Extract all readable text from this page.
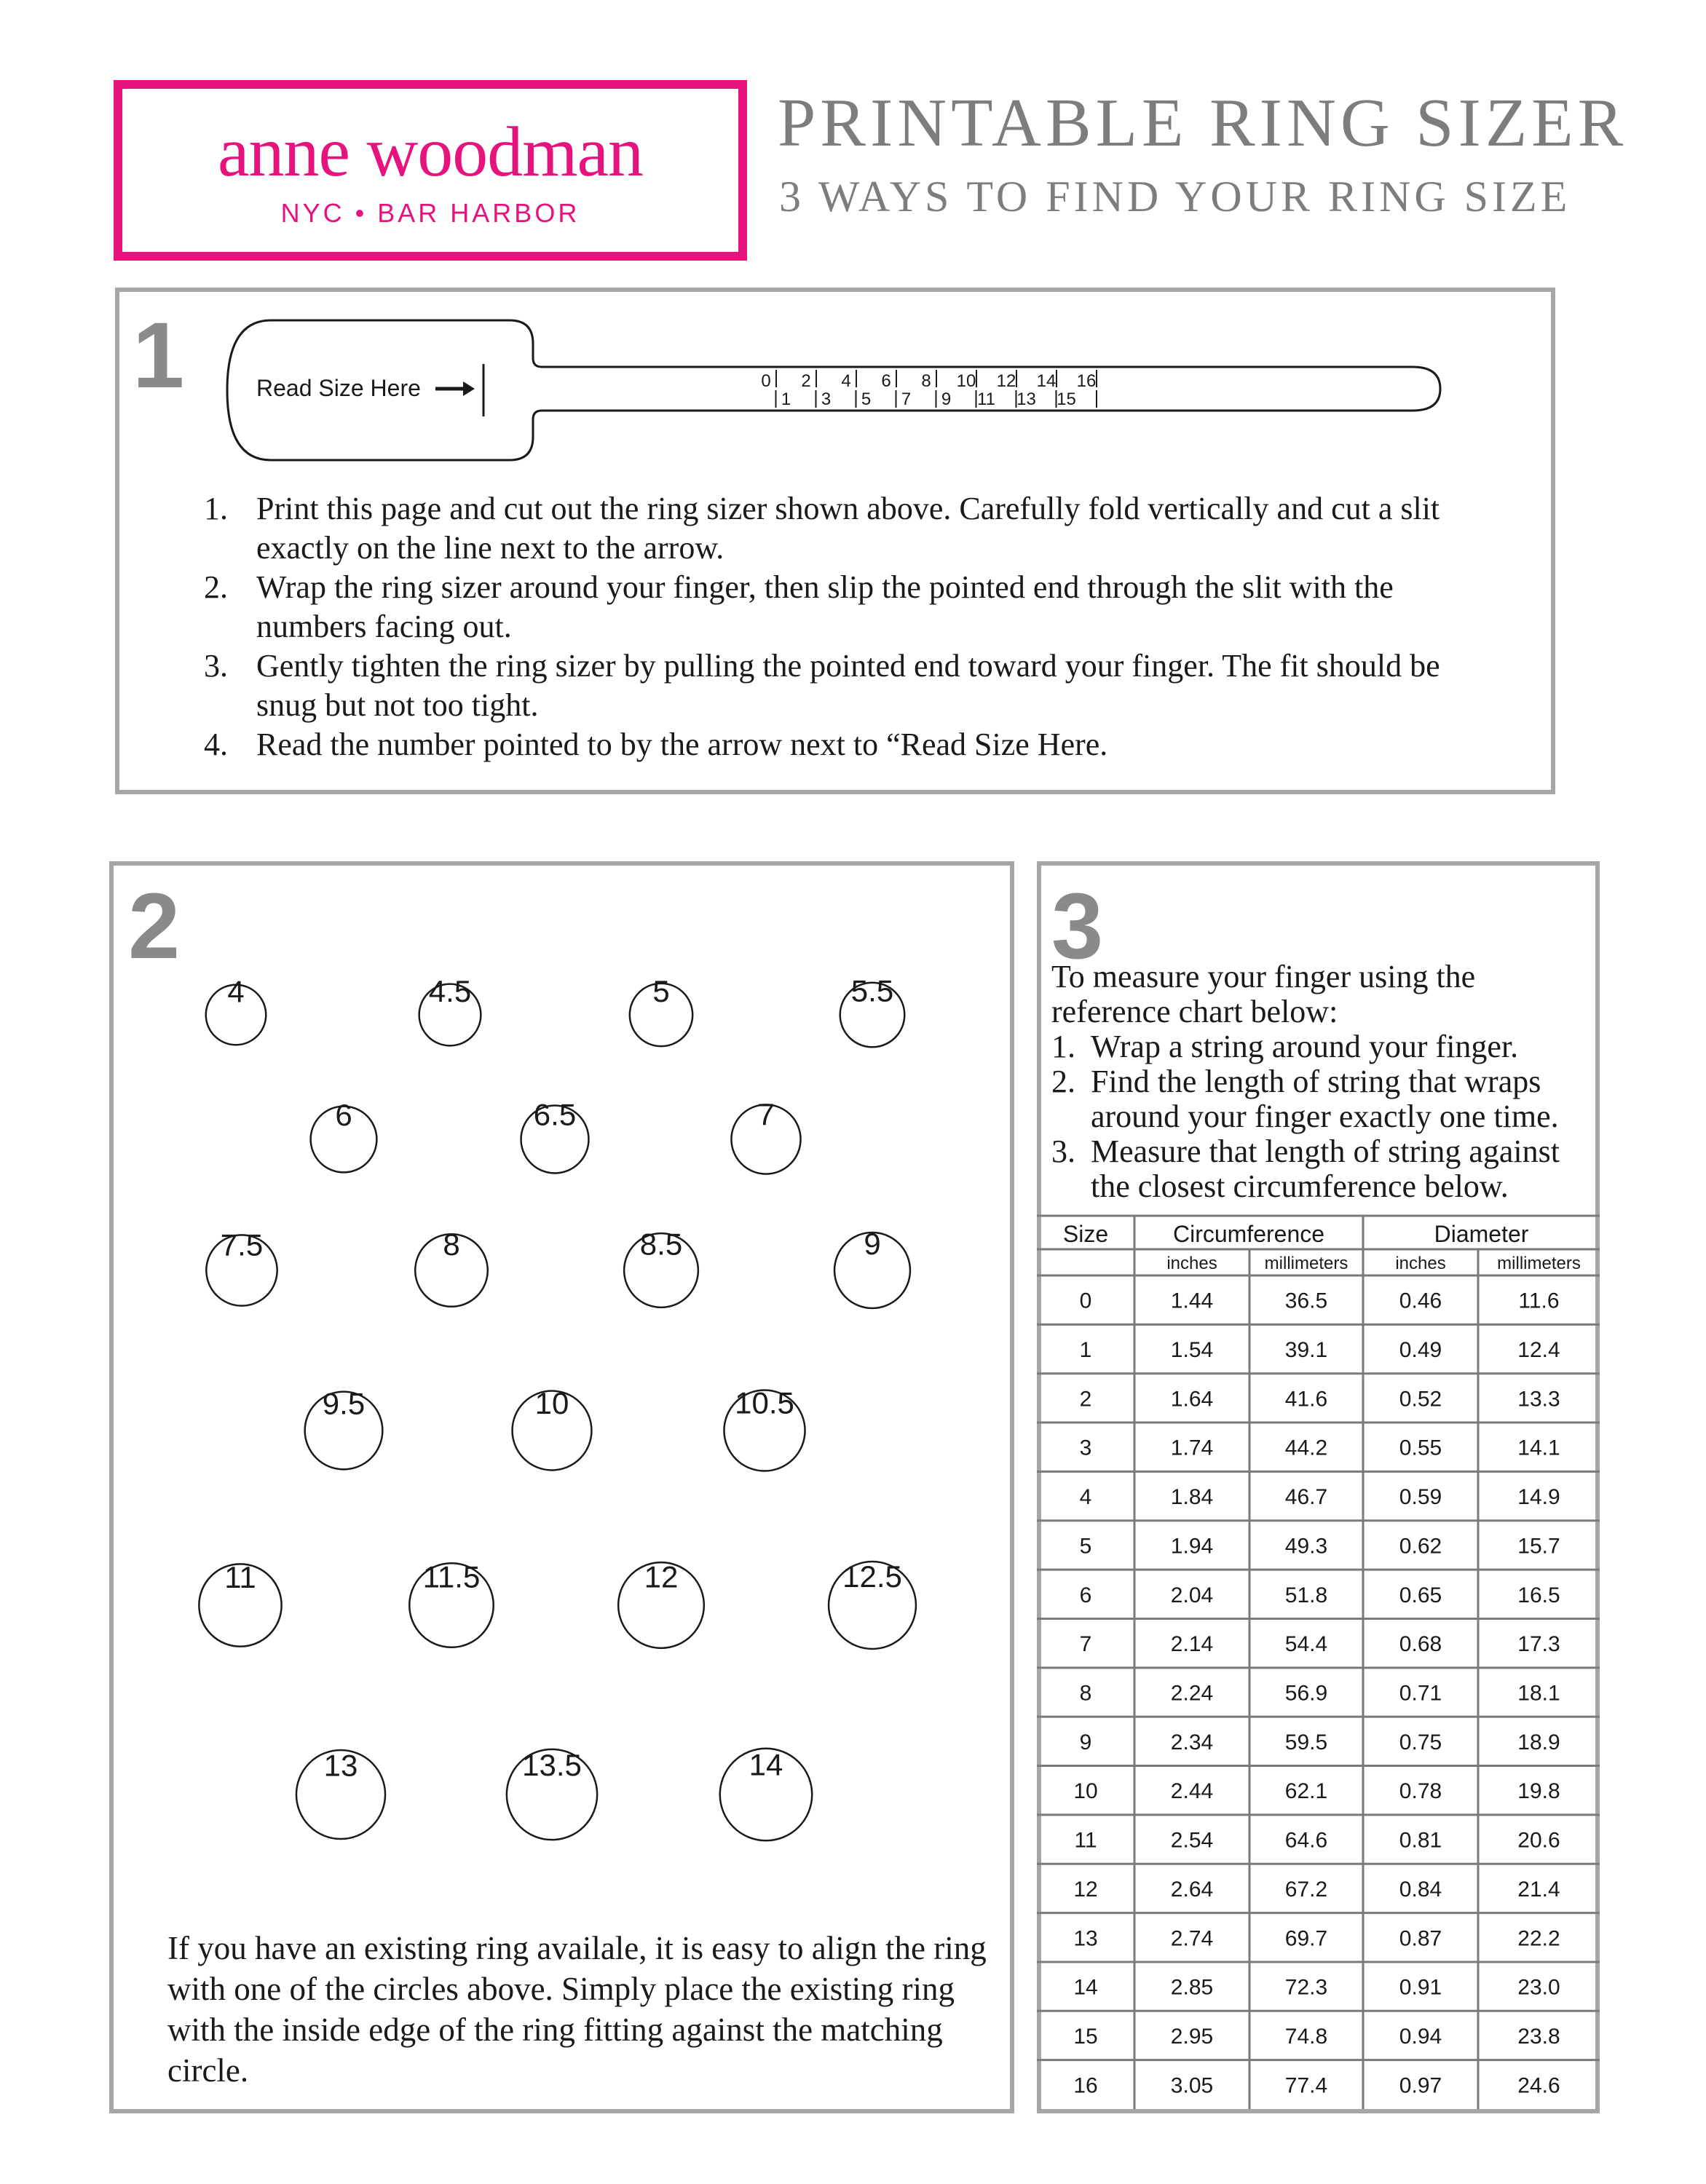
anne woodman
NYC • BAR HARBOR
PRINTABLE RING SIZER
3 WAYS TO FIND YOUR RING SIZE
1
2	3
1. Print this page and cut out the ring sizer shown above. Carefully fold vertically and cut a slit exactly on the line next to the arrow.
2. Wrap the ring sizer around your finger, then slip the pointed end through the slit with the numbers facing out.
3. Gently tighten the ring sizer by pulling the pointed end toward your finger. The fit should be snug but not too tight.
4. Read the number pointed to by the arrow next to “Read Size Here.
If you have an existing ring availale, it is easy to align the ring with one of the circles above. Simply place the existing ring with the inside edge of the ring fitting against the matching circle.
To measure your finger using the reference chart below:
1. Wrap a string around your finger.
2. Find the length of string that wraps around your finger exactly one time.
3. Measure that length of string against the closest circumference below.
Read Size Here	0 2 4 6 8 10 12 14 16
1 3 5 7 9 11 13 15
4	4.5	5	5.5
6	6.5	7
7.5	8	8.5	9
9.5	10	10.5
11	11.5	12	12.5
13	13.5	14
Size	Circumference	Diameter
inches	millimeters	inches	millimeters
0	1.44	36.5	0.46	11.6
1	1.54	39.1	0.49	12.4
2	1.64	41.6	0.52	13.3
3	1.74	44.2	0.55	14.1
4	1.84	46.7	0.59	14.9
5	1.94	49.3	0.62	15.7
6	2.04	51.8	0.65	16.5
7	2.14	54.4	0.68	17.3
8	2.24	56.9	0.71	18.1
9	2.34	59.5	0.75	18.9
10	2.44	62.1	0.78	19.8
11	2.54	64.6	0.81	20.6
12	2.64	67.2	0.84	21.4
13	2.74	69.7	0.87	22.2
14	2.85	72.3	0.91	23.0
15	2.95	74.8	0.94	23.8
16	3.05	77.4	0.97	24.6
